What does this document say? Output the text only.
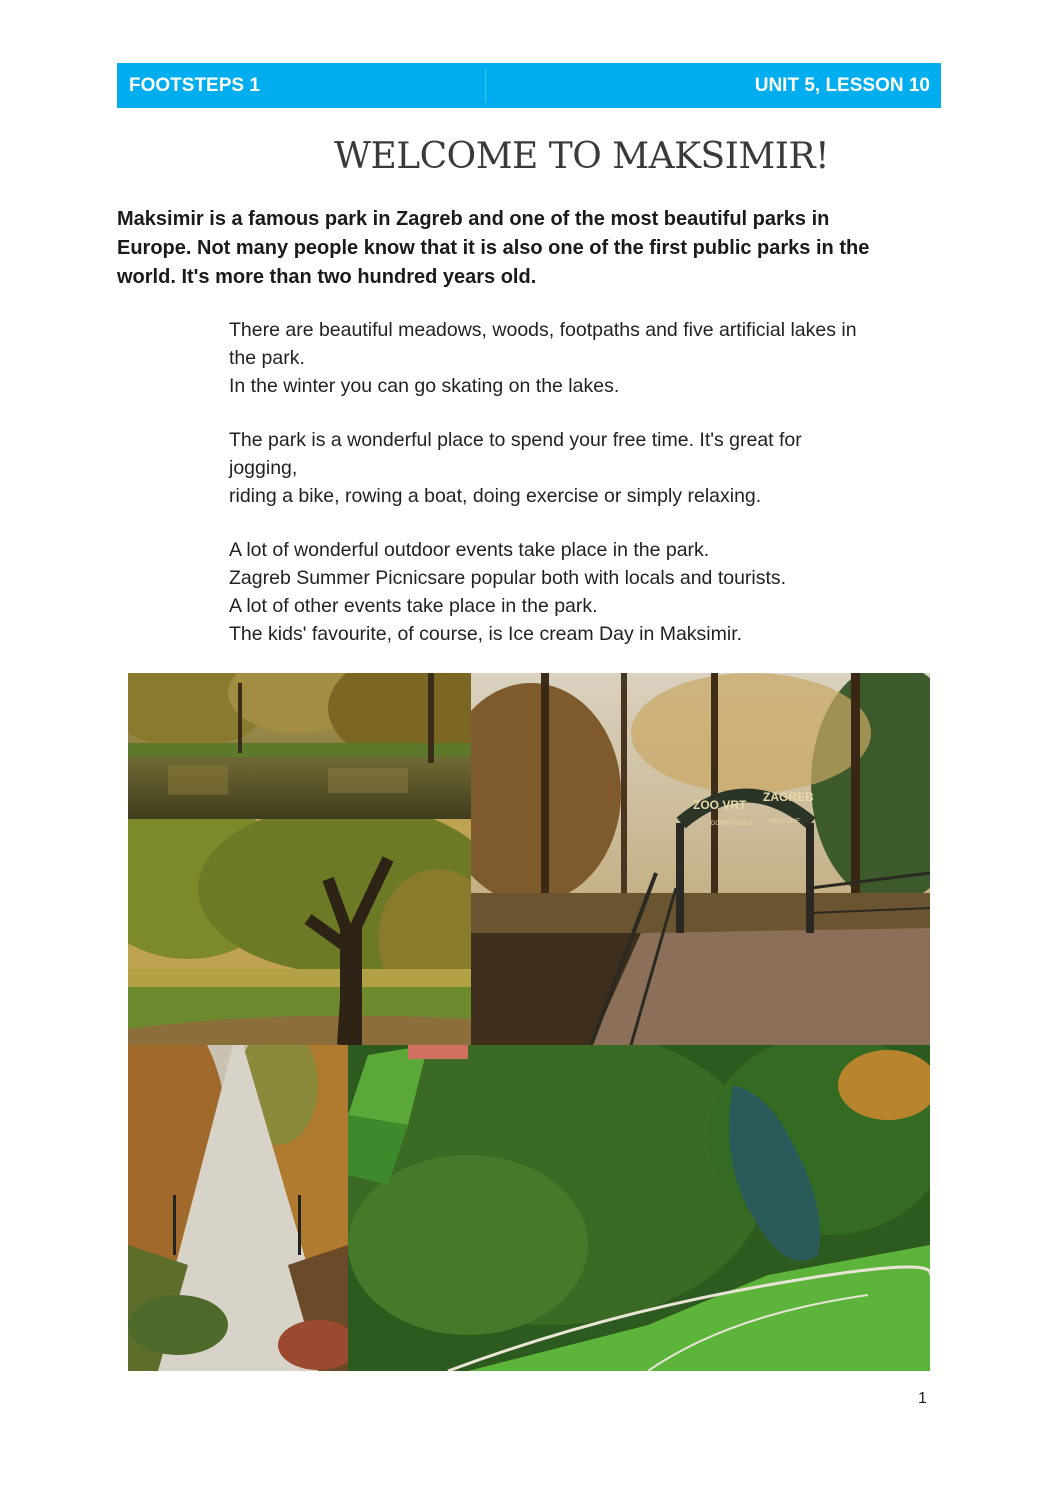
FOOTSTEPS 1	UNIT 5, LESSON 10
WELCOME TO MAKSIMIR!
Maksimir is a famous park in Zagreb and one of the most beautiful parks in
Europe. Not many people know that it is also one of the first public parks in the
world. It's more than two hundred years old.
There are beautiful meadows, woods, footpaths and five artificial lakes in
the park.
In the winter you can go skating on the lakes.
The park is a wonderful place to spend your free time. It's great for
jogging,
riding a bike, rowing a boat, doing exercise or simply relaxing.
A lot of wonderful outdoor events take place in the park.
Zagreb Summer Picnicsare popular both with locals and tourists.
A lot of other events take place in the park.
The kids' favourite, of course, is Ice cream Day in Maksimir.
ZOO VRT
ZAGREB
DOBRO DOŠLI	WELCOME
1
